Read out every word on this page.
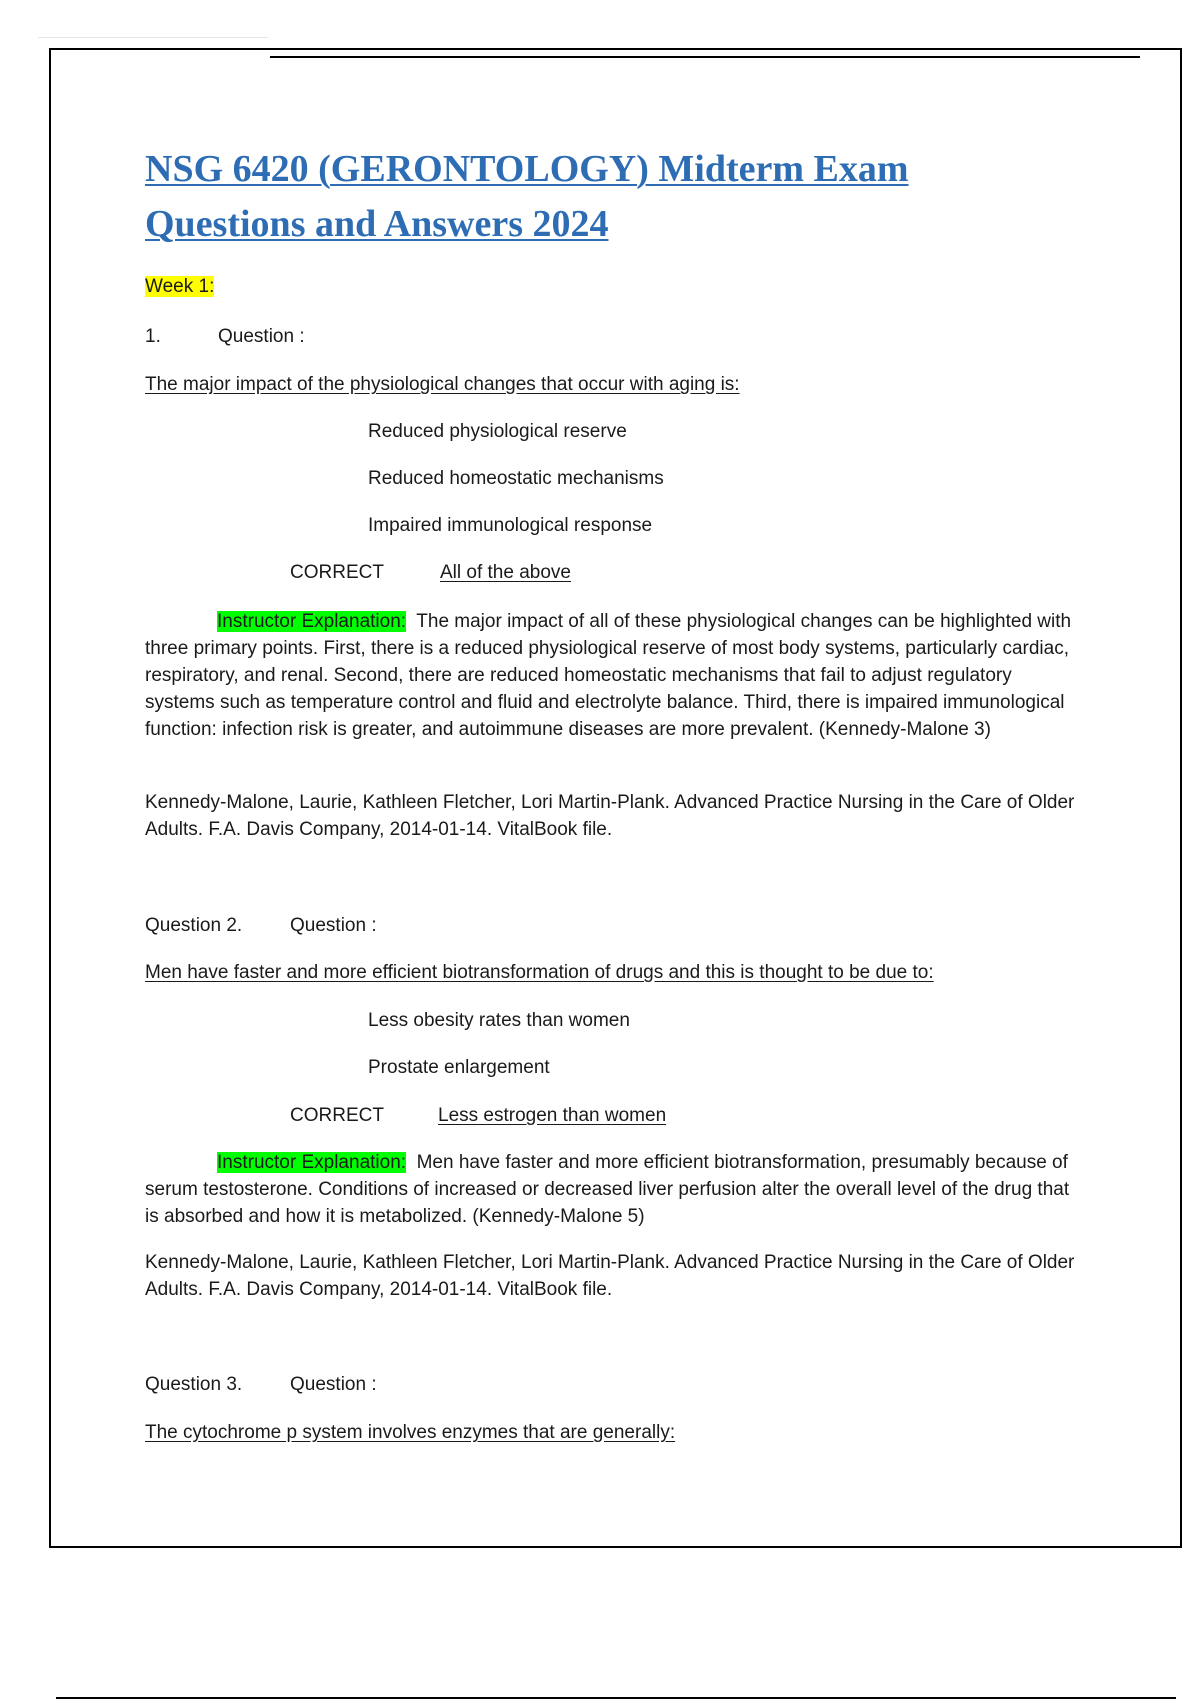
NSG 6420 (GERONTOLOGY) Midterm Exam
Questions and Answers 2024
Week 1:
1.	Question :
The major impact of the physiological changes that occur with aging is:
Reduced physiological reserve
Reduced homeostatic mechanisms
Impaired immunological response
CORRECT	All of the above

Instructor Explanation: The major impact of all of these physiological changes can be highlighted with three primary points. First, there is a reduced physiological reserve of most body systems, particularly cardiac, respiratory, and renal. Second, there are reduced homeostatic mechanisms that fail to adjust regulatory systems such as temperature control and fluid and electrolyte balance. Third, there is impaired immunological function: infection risk is greater, and autoimmune diseases are more prevalent. (Kennedy-Malone 3)

Kennedy-Malone, Laurie, Kathleen Fletcher, Lori Martin-Plank. Advanced Practice Nursing in the Care of Older Adults. F.A. Davis Company, 2014-01-14. VitalBook file.

Question 2.	Question :
Men have faster and more efficient biotransformation of drugs and this is thought to be due to:
Less obesity rates than women
Prostate enlargement
CORRECT	Less estrogen than women

Instructor Explanation: Men have faster and more efficient biotransformation, presumably because of serum testosterone. Conditions of increased or decreased liver perfusion alter the overall level of the drug that is absorbed and how it is metabolized. (Kennedy-Malone 5)

Kennedy-Malone, Laurie, Kathleen Fletcher, Lori Martin-Plank. Advanced Practice Nursing in the Care of Older Adults. F.A. Davis Company, 2014-01-14. VitalBook file.

Question 3.	Question :
The cytochrome p system involves enzymes that are generally:
